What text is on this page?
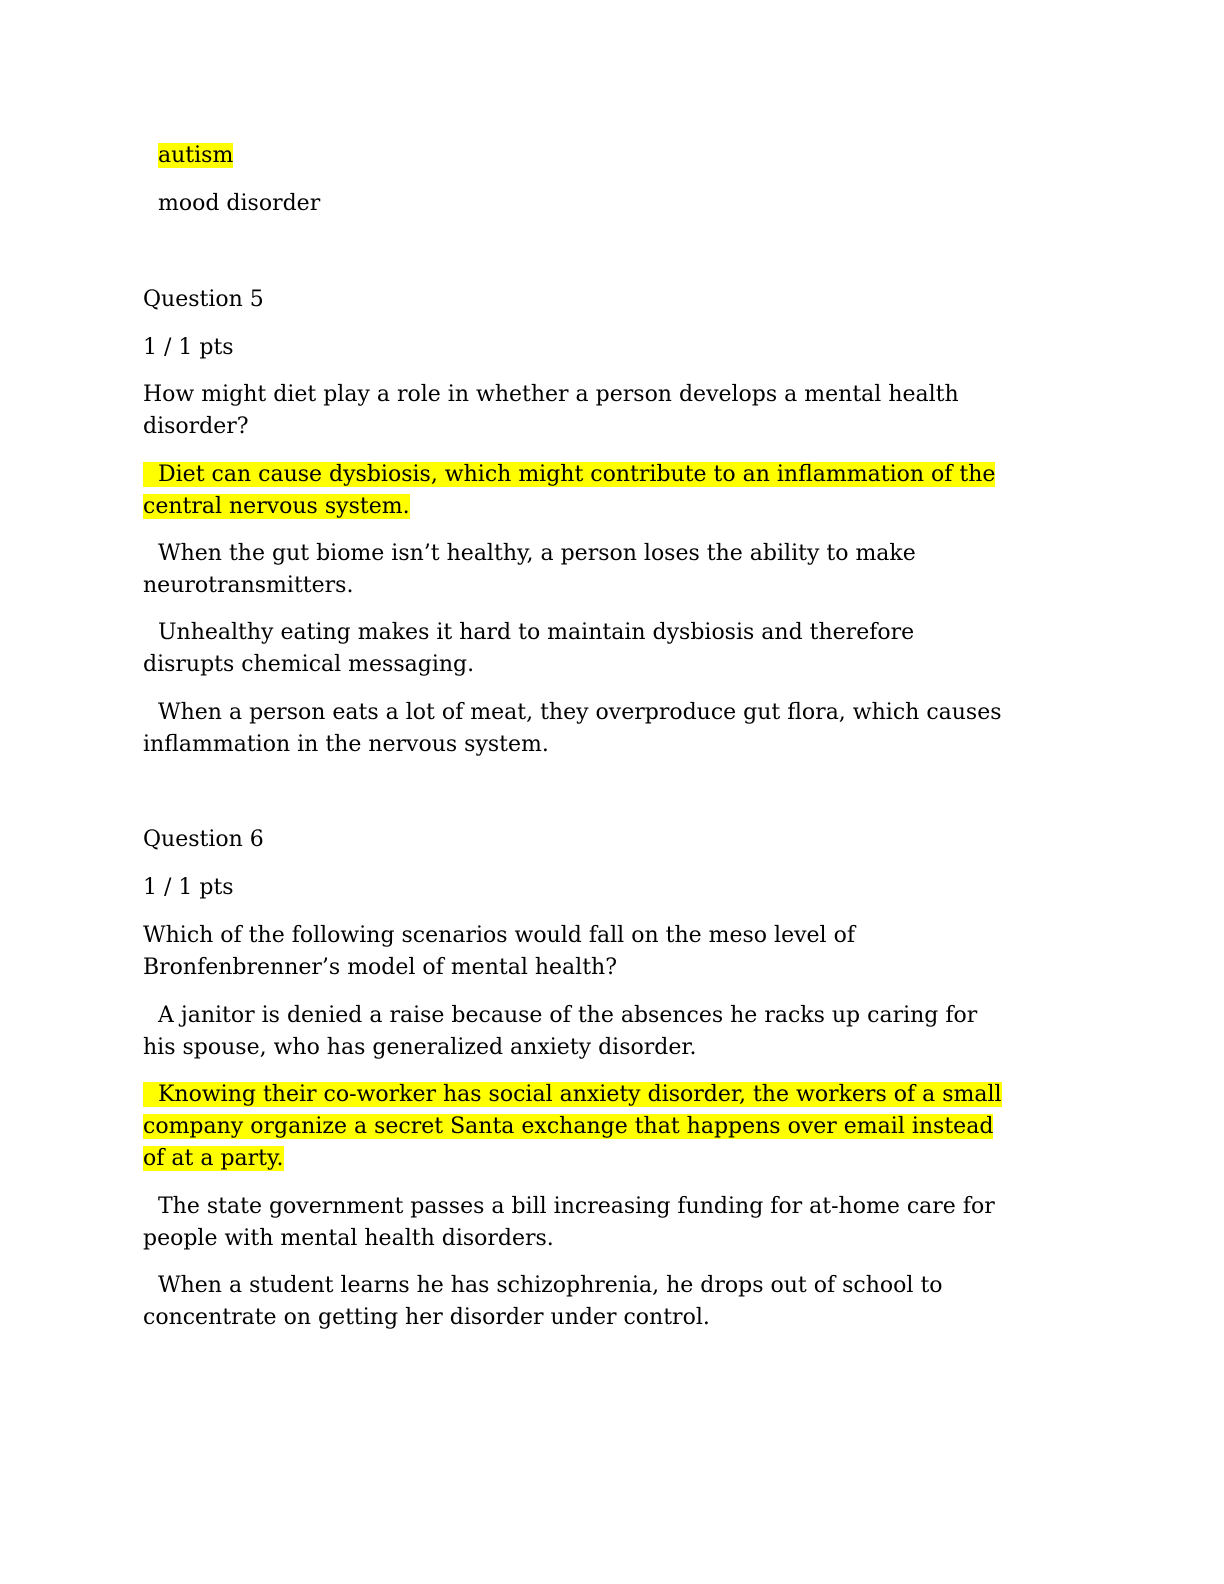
autism
mood disorder
Question 5
1 / 1 pts
How might diet play a role in whether a person develops a mental health
disorder?
Diet can cause dysbiosis, which might contribute to an inflammation of the
central nervous system.
When the gut biome isn’t healthy, a person loses the ability to make
neurotransmitters.
Unhealthy eating makes it hard to maintain dysbiosis and therefore
disrupts chemical messaging.
When a person eats a lot of meat, they overproduce gut flora, which causes
inflammation in the nervous system.
Question 6
1 / 1 pts
Which of the following scenarios would fall on the meso level of
Bronfenbrenner’s model of mental health?
A janitor is denied a raise because of the absences he racks up caring for
his spouse, who has generalized anxiety disorder.
Knowing their co-worker has social anxiety disorder, the workers of a small
company organize a secret Santa exchange that happens over email instead
of at a party.
The state government passes a bill increasing funding for at-home care for
people with mental health disorders.
When a student learns he has schizophrenia, he drops out of school to
concentrate on getting her disorder under control.
